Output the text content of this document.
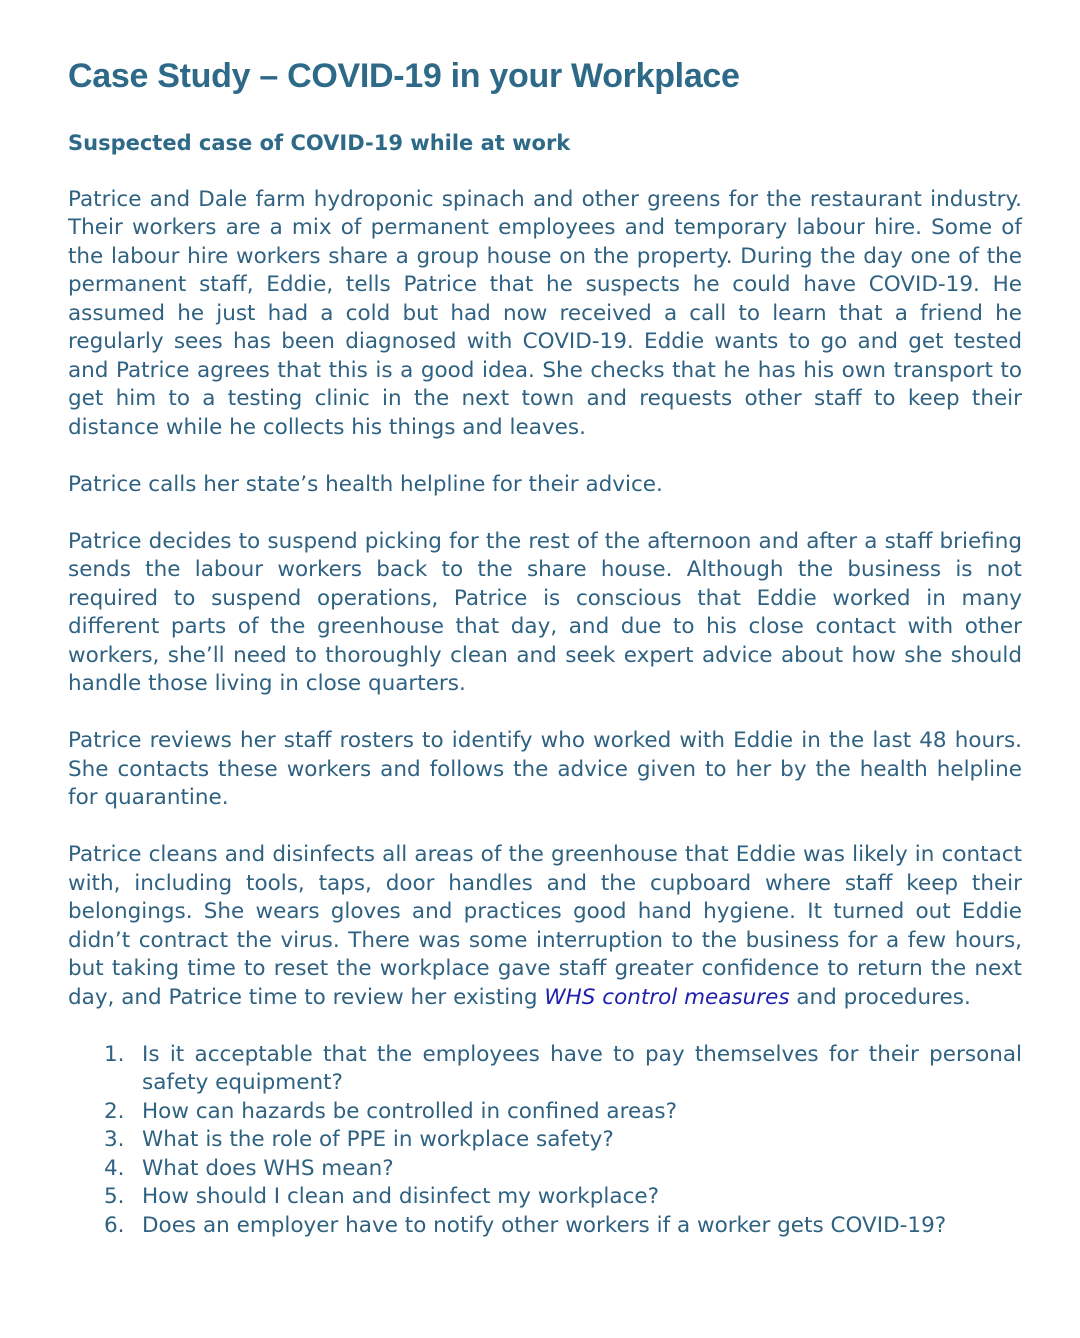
Case Study – COVID-19 in your Workplace
Suspected case of COVID-19 while at work

Patrice and Dale farm hydroponic spinach and other greens for the restaurant industry. Their workers are a mix of permanent employees and temporary labour hire. Some of the labour hire workers share a group house on the property. During the day one of the permanent staff, Eddie, tells Patrice that he suspects he could have COVID-19. He assumed he just had a cold but had now received a call to learn that a friend he regularly sees has been diagnosed with COVID-19. Eddie wants to go and get tested and Patrice agrees that this is a good idea. She checks that he has his own transport to get him to a testing clinic in the next town and requests other staff to keep their distance while he collects his things and leaves.

Patrice calls her state’s health helpline for their advice.

Patrice decides to suspend picking for the rest of the afternoon and after a staff briefing sends the labour workers back to the share house. Although the business is not required to suspend operations, Patrice is conscious that Eddie worked in many different parts of the greenhouse that day, and due to his close contact with other workers, she’ll need to thoroughly clean and seek expert advice about how she should handle those living in close quarters.

Patrice reviews her staff rosters to identify who worked with Eddie in the last 48 hours. She contacts these workers and follows the advice given to her by the health helpline for quarantine.

Patrice cleans and disinfects all areas of the greenhouse that Eddie was likely in contact with, including tools, taps, door handles and the cupboard where staff keep their belongings. She wears gloves and practices good hand hygiene. It turned out Eddie didn’t contract the virus. There was some interruption to the business for a few hours, but taking time to reset the workplace gave staff greater confidence to return the next day, and Patrice time to review her existing WHS control measures and procedures.

1. Is it acceptable that the employees have to pay themselves for their personal safety equipment?
2. How can hazards be controlled in confined areas?
3. What is the role of PPE in workplace safety?
4. What does WHS mean?
5. How should I clean and disinfect my workplace?
6. Does an employer have to notify other workers if a worker gets COVID-19?
